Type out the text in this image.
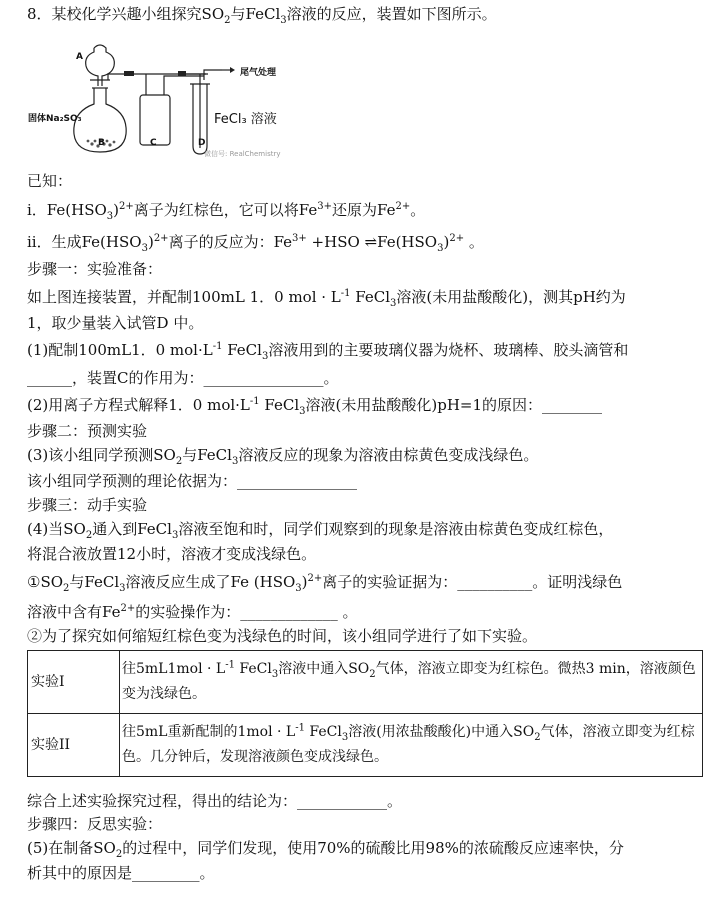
8．某校化学兴趣小组探究$SO_2$与FeCl$_3$溶液的反应，装置如下图所示。
A
固体Na₂SO₃
B	C	D
尾气处理
FeCl₃ 溶液
微信号: RealChemistry
已知：
i．$Fe(HSO_3)^{2+}$离子为红棕色，它可以将$Fe^{3+}$还原为$Fe^{2+}$。
ii．生成$Fe(HSO_3)^{2+}$离子的反应为：$Fe^{3+} +HSO$ $\rightleftharpoons Fe(HSO_3)^{2+}$ 。
步骤一：实验准备：
如上图连接装置，并配制100mL 1．0 mol · $L^{-1}$ FeCl$_3$溶液(未用盐酸酸化)，测其pH约为
1，取少量装入试管D 中。
(1)配制100mL1．0 $mol\cdot L^{-1}$ FeCl$_3$溶液用到的主要玻璃仪器为烧杯、玻璃棒、胶头滴管和
______，装置C的作用为：________________。
(2)用离子方程式解释1．0 $mol\cdot L^{-1}$ FeCl$_3$溶液(未用盐酸酸化)pH=1的原因：________
步骤二：预测实验
(3)该小组同学预测$SO_2$与FeCl$_3$溶液反应的现象为溶液由棕黄色变成浅绿色。
该小组同学预测的理论依据为：________________
步骤三：动手实验
(4)当$SO_2$通入到FeCl$_3$溶液至饱和时，同学们观察到的现象是溶液由棕黄色变成红棕色，
将混合液放置12小时，溶液才变成浅绿色。
$①SO_2$与FeCl$_3$溶液反应生成了Fe $(HSO_3)^{2+}$离子的实验证据为：__________。证明浅绿色
溶液中含有$Fe^{2+}$的实验操作为：_____________ 。
②为了探究如何缩短红棕色变为浅绿色的时间，该小组同学进行了如下实验。
实验I	往$5mL1mol \cdot L^{-1}$ FeCl$_3$溶液中通入$SO_2$气体，溶液立即变为红棕色。微热3 min，溶液颜色变为浅绿色。
实验II	往5mL重新配制的$1mol \cdot L^{-1}$ FeCl$_3$溶液(用浓盐酸酸化)中通入$SO_2$气体，溶液立即变为红棕色。几分钟后，发现溶液颜色变成浅绿色。
综合上述实验探究过程，得出的结论为：____________。
步骤四：反思实验：
(5)在制备$SO_2$的过程中，同学们发现，使用70%的硫酸比用98%的浓硫酸反应速率快，分
析其中的原因是_________。
